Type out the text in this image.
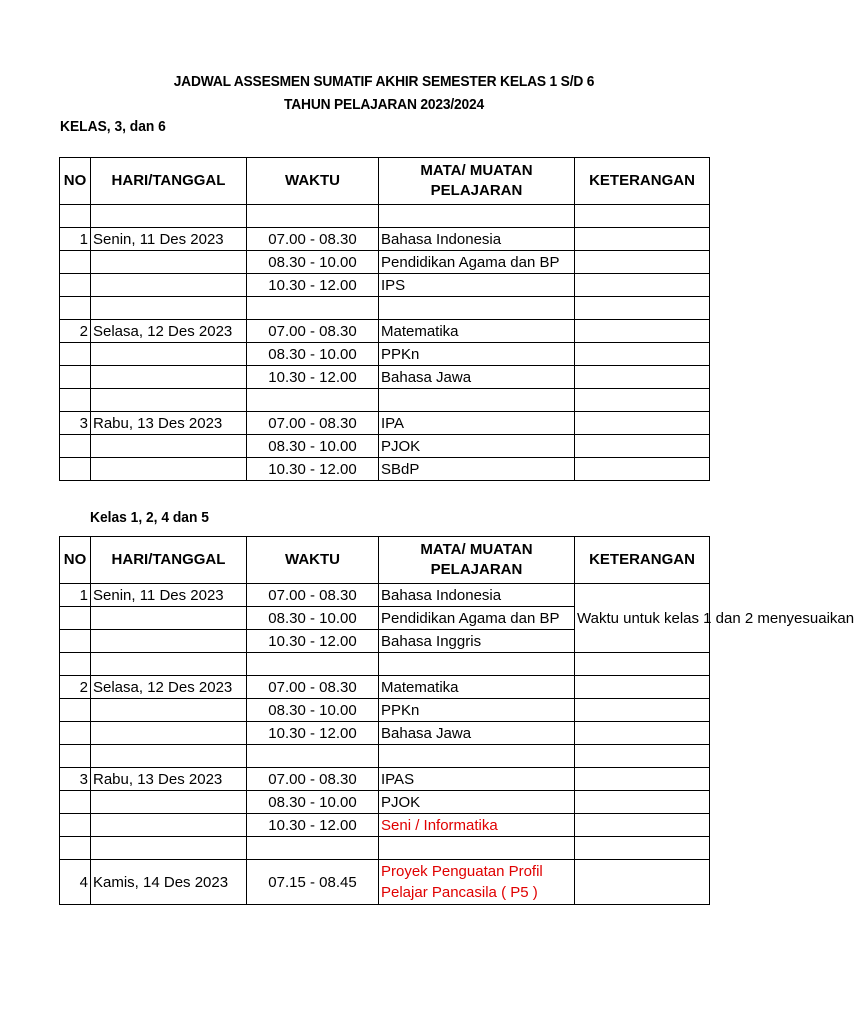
JADWAL ASSESMEN SUMATIF AKHIR SEMESTER KELAS 1 S/D 6
TAHUN PELAJARAN 2023/2024
KELAS, 3, dan 6
NO	HARI/TANGGAL	WAKTU	MATA/ MUATAN PELAJARAN	KETERANGAN

1	Senin, 11 Des 2023	07.00 - 08.30	Bahasa Indonesia	
		08.30 - 10.00	Pendidikan Agama dan BP	
		10.30 - 12.00	IPS	

2	Selasa, 12 Des 2023	07.00 - 08.30	Matematika	
		08.30 - 10.00	PPKn	
		10.30 - 12.00	Bahasa Jawa	

3	Rabu, 13 Des 2023	07.00 - 08.30	IPA	
		08.30 - 10.00	PJOK	
		10.30 - 12.00	SBdP	
Kelas 1, 2, 4 dan 5
NO	HARI/TANGGAL	WAKTU	MATA/ MUATAN PELAJARAN	KETERANGAN
1	Senin, 11 Des 2023	07.00 - 08.30	Bahasa Indonesia	Waktu untuk kelas 1 dan 2 menyesuaikan
		08.30 - 10.00	Pendidikan Agama dan BP	
		10.30 - 12.00	Bahasa Inggris	

2	Selasa, 12 Des 2023	07.00 - 08.30	Matematika	
		08.30 - 10.00	PPKn	
		10.30 - 12.00	Bahasa Jawa	

3	Rabu, 13 Des 2023	07.00 - 08.30	IPAS	
		08.30 - 10.00	PJOK	
		10.30 - 12.00	Seni / Informatika	

4	Kamis, 14 Des 2023	07.15 - 08.45	Proyek Penguatan Profil Pelajar Pancasila ( P5 )	
